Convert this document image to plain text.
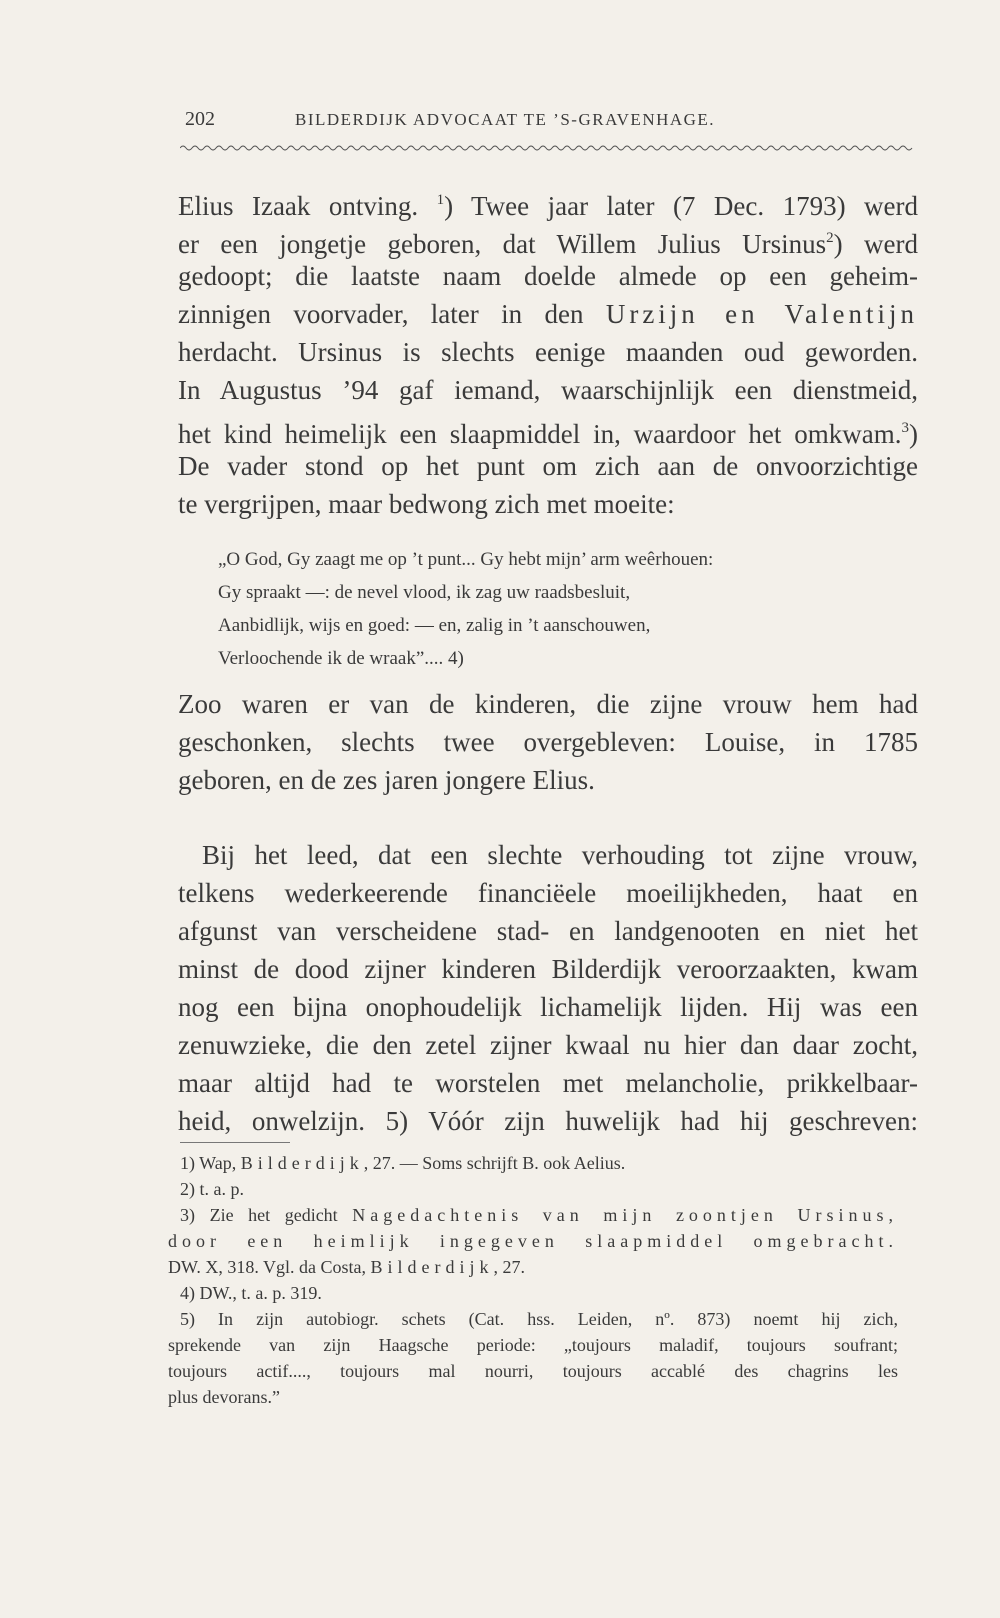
202	BILDERDIJK ADVOCAAT TE ’S-GRAVENHAGE.
Elius Izaak ontving. $^1$) Twee jaar later (7 Dec. 1793) werd
er een jongetje geboren, dat Willem Julius Ursinus$^2$) werd
gedoopt; die laatste naam doelde almede op een geheim-
zinnigen voorvader, later in den Urzijn en Valentijn
herdacht. Ursinus is slechts eenige maanden oud geworden.
In Augustus ’94 gaf iemand, waarschijnlijk een dienstmeid,
het kind heimelijk een slaapmiddel in, waardoor het omkwam.$^3$)
De vader stond op het punt om zich aan de onvoorzichtige
te vergrijpen, maar bedwong zich met moeite:
„O God, Gy zaagt me op ’t punt... Gy hebt mijn’ arm weêrhouen:
Gy spraakt —: de nevel vlood, ik zag uw raadsbesluit,
Aanbidlijk, wijs en goed: — en, zalig in ’t aanschouwen,
Verloochende ik de wraak”.... 4)
Zoo waren er van de kinderen, die zijne vrouw hem had
geschonken, slechts twee overgebleven: Louise, in 1785
geboren, en de zes jaren jongere Elius.
Bij het leed, dat een slechte verhouding tot zijne vrouw,
telkens wederkeerende financiëele moeilijkheden, haat en
afgunst van verscheidene stad- en landgenooten en niet het
minst de dood zijner kinderen Bilderdijk veroorzaakten, kwam
nog een bijna onophoudelijk lichamelijk lijden. Hij was een
zenuwzieke, die den zetel zijner kwaal nu hier dan daar zocht,
maar altijd had te worstelen met melancholie, prikkelbaar-
heid, onwelzijn. 5) Vóór zijn huwelijk had hij geschreven:
1) Wap, Bilderdijk, 27. — Soms schrijft B. ook Aelius.
2) t. a. p.
3) Zie het gedicht Nagedachtenis van mijn zoontjen Ursinus,
door een heimlijk ingegeven slaapmiddel omgebracht.
DW. X, 318. Vgl. da Costa, Bilderdijk, 27.
4) DW., t. a. p. 319.
5) In zijn autobiogr. schets (Cat. hss. Leiden, nº. 873) noemt hij zich,
sprekende van zijn Haagsche periode: „toujours maladif, toujours soufrant;
toujours actif...., toujours mal nourri, toujours accablé des chagrins les
plus devorans.”
